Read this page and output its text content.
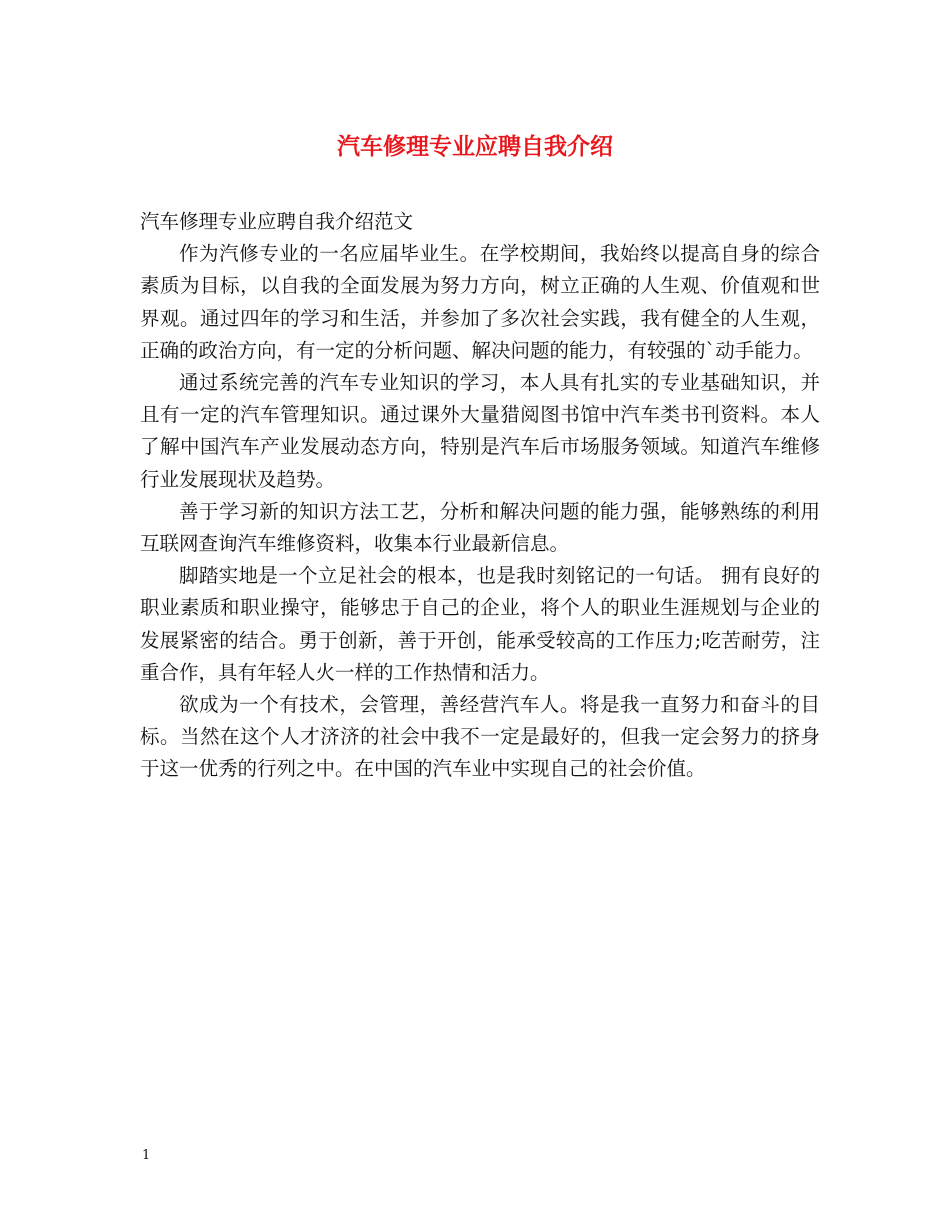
汽车修理专业应聘自我介绍

汽车修理专业应聘自我介绍范文

作为汽修专业的一名应届毕业生。在学校期间，我始终以提高自身的综合素质为目标，以自我的全面发展为努力方向，树立正确的人生观、价值观和世界观。通过四年的学习和生活，并参加了多次社会实践，我有健全的人生观，正确的政治方向，有一定的分析问题、解决问题的能力，有较强的`动手能力。

通过系统完善的汽车专业知识的学习，本人具有扎实的专业基础知识，并且有一定的汽车管理知识。通过课外大量猎阅图书馆中汽车类书刊资料。本人了解中国汽车产业发展动态方向，特别是汽车后市场服务领域。知道汽车维修行业发展现状及趋势。

善于学习新的知识方法工艺，分析和解决问题的能力强，能够熟练的利用互联网查询汽车维修资料，收集本行业最新信息。

脚踏实地是一个立足社会的根本，也是我时刻铭记的一句话。 拥有良好的职业素质和职业操守，能够忠于自己的企业，将个人的职业生涯规划与企业的发展紧密的结合。勇于创新，善于开创，能承受较高的工作压力;吃苦耐劳，注重合作，具有年轻人火一样的工作热情和活力。

欲成为一个有技术，会管理，善经营汽车人。将是我一直努力和奋斗的目标。当然在这个人才济济的社会中我不一定是最好的，但我一定会努力的挤身于这一优秀的行列之中。在中国的汽车业中实现自己的社会价值。

1
